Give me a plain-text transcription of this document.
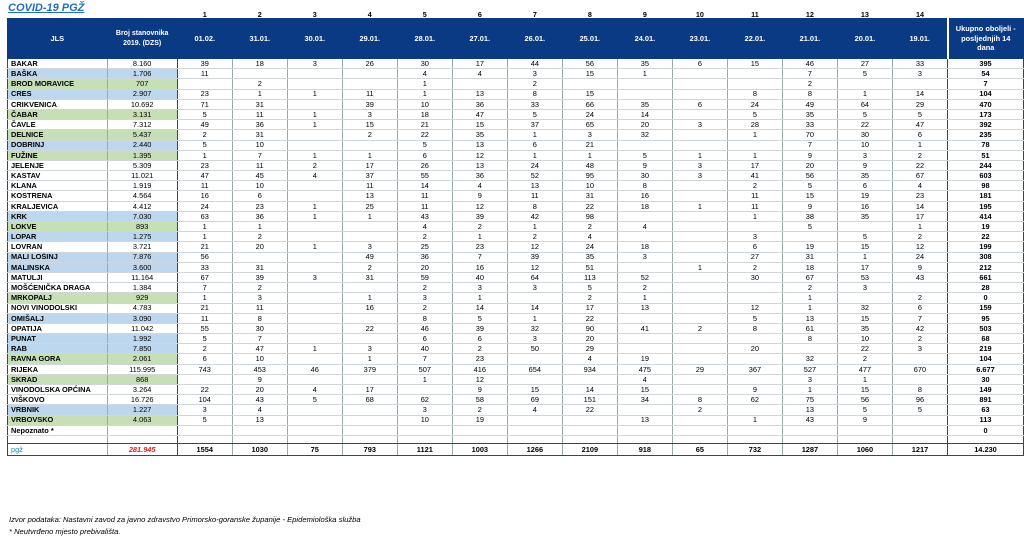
COVID-19 PGŽ
		1	2	3	4	5	6	7	8	9	10	11	12	13	14	
JLS	Broj stanovnika 2019. (DZS)	01.02.	31.01.	30.01.	29.01.	28.01.	27.01.	26.01.	25.01.	24.01.	23.01.	22.01.	21.01.	20.01.	19.01.	Ukupno oboljeli - posljednjih 14 dana
BAKAR	8.160	39	18	3	26	30	17	44	56	35	6	15	46	27	33	395
BAŠKA	1.706	11				4	4	3	15	1			7	5	3	54
BROD MORAVICE	707		2			1		2					2			7
CRES	2.907	23	1	1	11	1	13	8	15			8	8	1	14	104
CRIKVENICA	10.692	71	31		39	10	36	33	66	35	6	24	49	64	29	470
ČABAR	3.131	5	11	1	3	18	47	5	24	14		5	35	5	5	173
ČAVLE	7.312	49	36	1	15	21	15	37	65	20	3	28	33	22	47	392
DELNICE	5.437	2	31		2	22	35	1	3	32		1	70	30	6	235
DOBRINJ	2.440	5	10			5	13	6	21				7	10	1	78
FUŽINE	1.395	1	7	1	1	6	12	1	1	5	1	1	9	3	2	51
JELENJE	5.309	23	11	2	17	26	13	24	48	9	3	17	20	9	22	244
KASTAV	11.021	47	45	4	37	55	36	52	95	30	3	41	56	35	67	603
KLANA	1.919	11	10		11	14	4	13	10	8		2	5	6	4	98
KOSTRENA	4.564	16	6		13	11	9	11	31	16		11	15	19	23	181
KRALJEVICA	4.412	24	23	1	25	11	12	8	22	18	1	11	9	16	14	195
KRK	7.030	63	36	1	1	43	39	42	98			1	38	35	17	414
LOKVE	893	1	1			4	2	1	2	4			5		1	19
LOPAR	1.275	1	2			2	1	2	4			3		5	2	22
LOVRAN	3.721	21	20	1	3	25	23	12	24	18		6	19	15	12	199
MALI LOŠINJ	7.876	56			49	36	7	39	35	3		27	31	1	24	308
MALINSKA	3.600	33	31		2	20	16	12	51		1	2	18	17	9	212
MATULJI	11.164	67	39	3	31	59	40	64	113	52		30	67	53	43	661
MOŠĆENIČKA DRAGA	1.384	7	2			2	3	3	5	2			2	3		28
MRKOPALJ	929	1	3		1	3	1		2	1			1		2	0
NOVI VINODOLSKI	4.783	21	11		16	2	14	14	17	13		12	1	32	6	159
OMIŠALJ	3.090	11	8			8	5	1	22			5	13	15	7	95
OPATIJA	11.042	55	30		22	46	39	32	90	41	2	8	61	35	42	503
PUNAT	1.992	5	7			6	6	3	20				8	10	2	68
RAB	7.850	2	47	1	3	40	2	50	29			20		22	3	219
RAVNA GORA	2.061	6	10		1	7	23		4	19			32	2		104
RIJEKA	115.995	743	453	46	379	507	416	654	934	475	29	367	527	477	670	6.677
SKRAD	868		9			1	12			4			3	1		30
VINODOLSKA OPĆINA	3.264	22	20	4	17		9	15	14	15		9	1	15	8	149
VIŠKOVO	16.726	104	43	5	68	62	58	69	151	34	8	62	75	56	96	891
VRBNIK	1.227	3	4			3	2	4	22		2		13	5	5	63
VRBOVSKO	4.063	5	13			10	19			13		1	43	9		113
Nepoznato *																0

pgž	281.945	1554	1030	75	793	1121	1003	1266	2109	918	65	732	1287	1060	1217	14.230
Izvor podataka: Nastavni zavod za javno zdravstvo Primorsko-goranske županije - Epidemiološka služba
* Neutvrđeno mjesto prebivališta.
